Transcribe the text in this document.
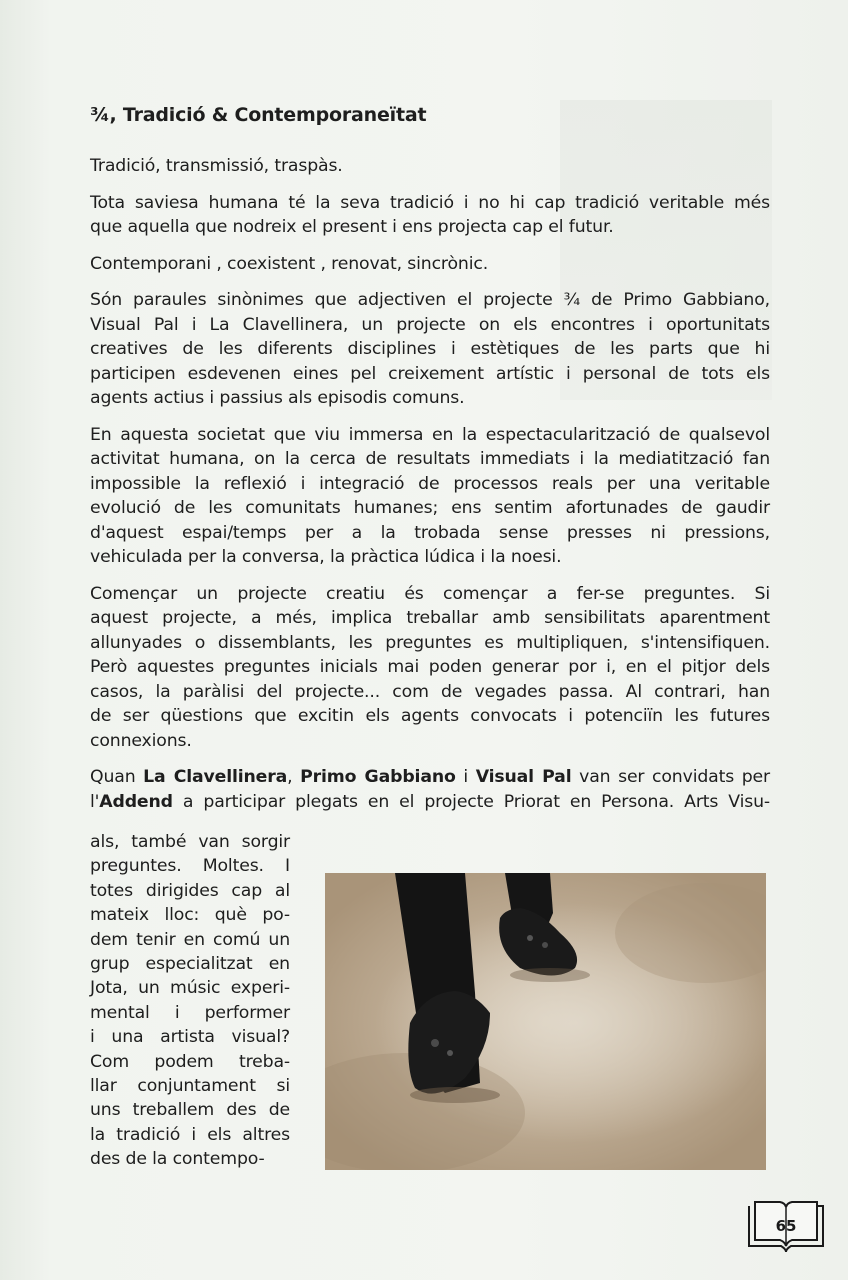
¾, Tradició & Contemporaneïtat

Tradició, transmissió, traspàs.

Tota saviesa humana té la seva tradició i no hi cap tradició veritable més
que aquella que nodreix el present i ens projecta cap el futur.

Contemporani , coexistent , renovat, sincrònic.

Són paraules sinònimes que adjectiven el projecte ¾ de Primo Gabbiano,
Visual Pal i La Clavellinera, un projecte on els encontres i oportunitats
creatives de les diferents disciplines i estètiques de les parts que hi
participen esdevenen eines pel creixement artístic i personal de tots els
agents actius i passius als episodis comuns.

En aquesta societat que viu immersa en la espectacularització de qualsevol
activitat humana, on la cerca de resultats immediats i la mediatització fan
impossible la reflexió i integració de processos reals per una veritable
evolució de les comunitats humanes; ens sentim afortunades de gaudir
d'aquest espai/temps per a la trobada sense presses ni pressions,
vehiculada per la conversa, la pràctica lúdica i la noesi.

Començar un projecte creatiu és començar a fer-se preguntes. Si
aquest projecte, a més, implica treballar amb sensibilitats aparentment
allunyades o dissemblants, les preguntes es multipliquen, s'intensifiquen.
Però aquestes preguntes inicials mai poden generar por i, en el pitjor dels
casos, la paràlisi del projecte... com de vegades passa. Al contrari, han
de ser qüestions que excitin els agents convocats i potenciïn les futures
connexions.

Quan La Clavellinera, Primo Gabbiano i Visual Pal van ser convidats per
l'Addend a participar plegats en el projecte Priorat en Persona. Arts Visu-

als, també van sorgir
preguntes. Moltes. I
totes dirigides cap al
mateix lloc: què po-
dem tenir en comú un
grup especialitzat en
Jota, un músic experi-
mental i performer
i una artista visual?
Com podem treba-
llar conjuntament si
uns treballem des de
la tradició i els altres
des de la contempo-
65
